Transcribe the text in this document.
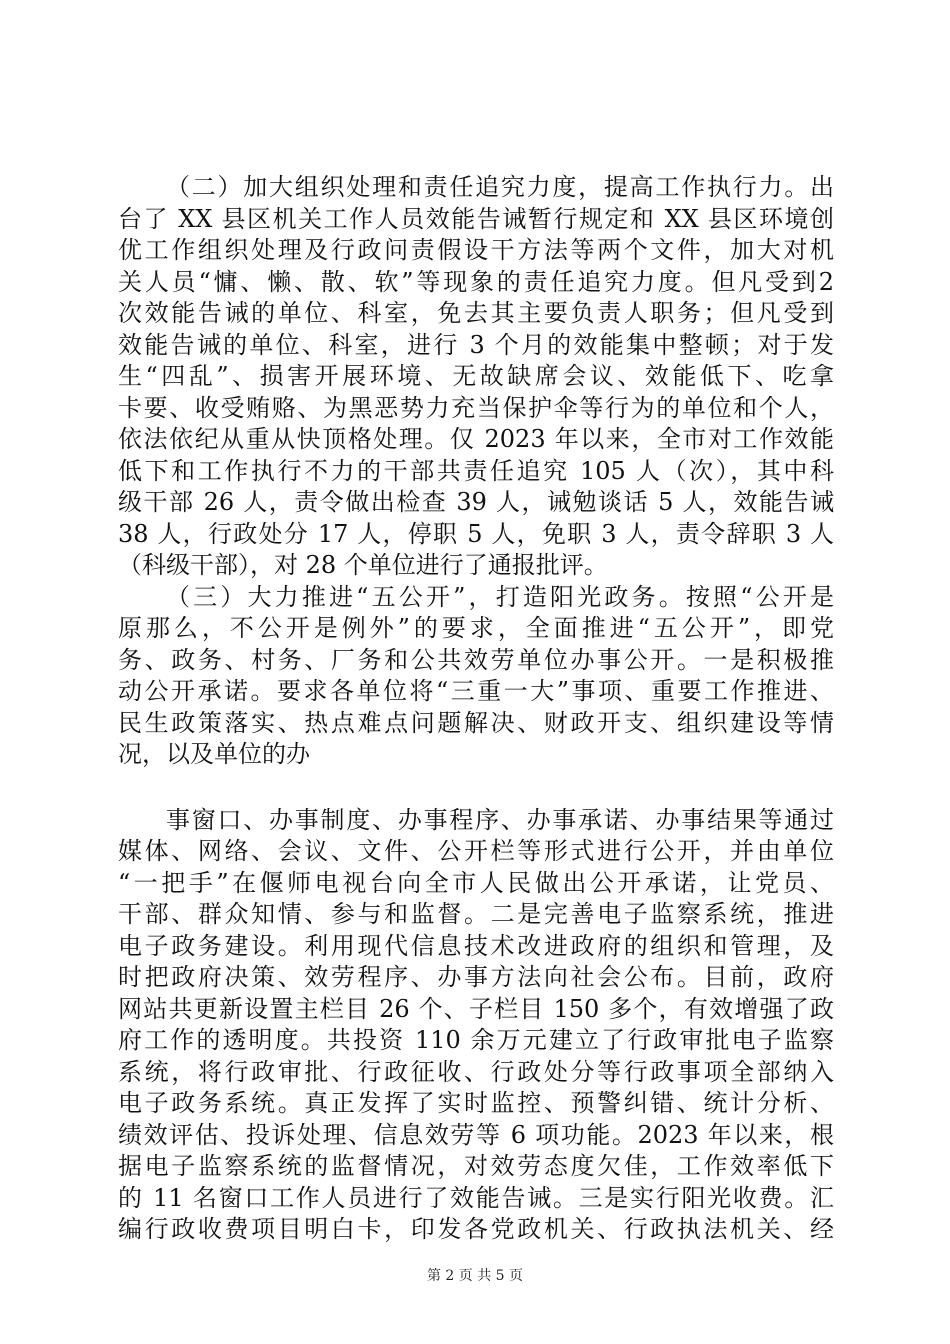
（二）加大组织处理和责任追究力度，提高工作执行力。出
台了 XX 县区机关工作人员效能告诫暂行规定和 XX 县区环境创
优工作组织处理及行政问责假设干方法等两个文件，加大对机
关人员“慵、懒、散、软”等现象的责任追究力度。但凡受到2
次效能告诫的单位、科室，免去其主要负责人职务；但凡受到
效能告诫的单位、科室，进行 3 个月的效能集中整顿；对于发
生“四乱”、损害开展环境、无故缺席会议、效能低下、吃拿
卡要、收受贿赂、为黑恶势力充当保护伞等行为的单位和个人，
依法依纪从重从快顶格处理。仅 2023 年以来，全市对工作效能
低下和工作执行不力的干部共责任追究 105 人（次），其中科
级干部 26 人，责令做出检查 39 人，诫勉谈话 5 人，效能告诫
38 人，行政处分 17 人，停职 5 人，免职 3 人，责令辞职 3 人
（科级干部），对 28 个单位进行了通报批评。
（三）大力推进“五公开”，打造阳光政务。按照“公开是
原那么，不公开是例外”的要求，全面推进“五公开”，即党
务、政务、村务、厂务和公共效劳单位办事公开。一是积极推
动公开承诺。要求各单位将“三重一大”事项、重要工作推进、
民生政策落实、热点难点问题解决、财政开支、组织建设等情
况，以及单位的办
事窗口、办事制度、办事程序、办事承诺、办事结果等通过
媒体、网络、会议、文件、公开栏等形式进行公开，并由单位
“一把手”在偃师电视台向全市人民做出公开承诺，让党员、
干部、群众知情、参与和监督。二是完善电子监察系统，推进
电子政务建设。利用现代信息技术改进政府的组织和管理，及
时把政府决策、效劳程序、办事方法向社会公布。目前，政府
网站共更新设置主栏目 26 个、子栏目 150 多个，有效增强了政
府工作的透明度。共投资 110 余万元建立了行政审批电子监察
系统，将行政审批、行政征收、行政处分等行政事项全部纳入
电子政务系统。真正发挥了实时监控、预警纠错、统计分析、
绩效评估、投诉处理、信息效劳等 6 项功能。2023 年以来，根
据电子监察系统的监督情况，对效劳态度欠佳，工作效率低下
的 11 名窗口工作人员进行了效能告诫。三是实行阳光收费。汇
编行政收费项目明白卡，印发各党政机关、行政执法机关、经
第 2 页 共 5 页
